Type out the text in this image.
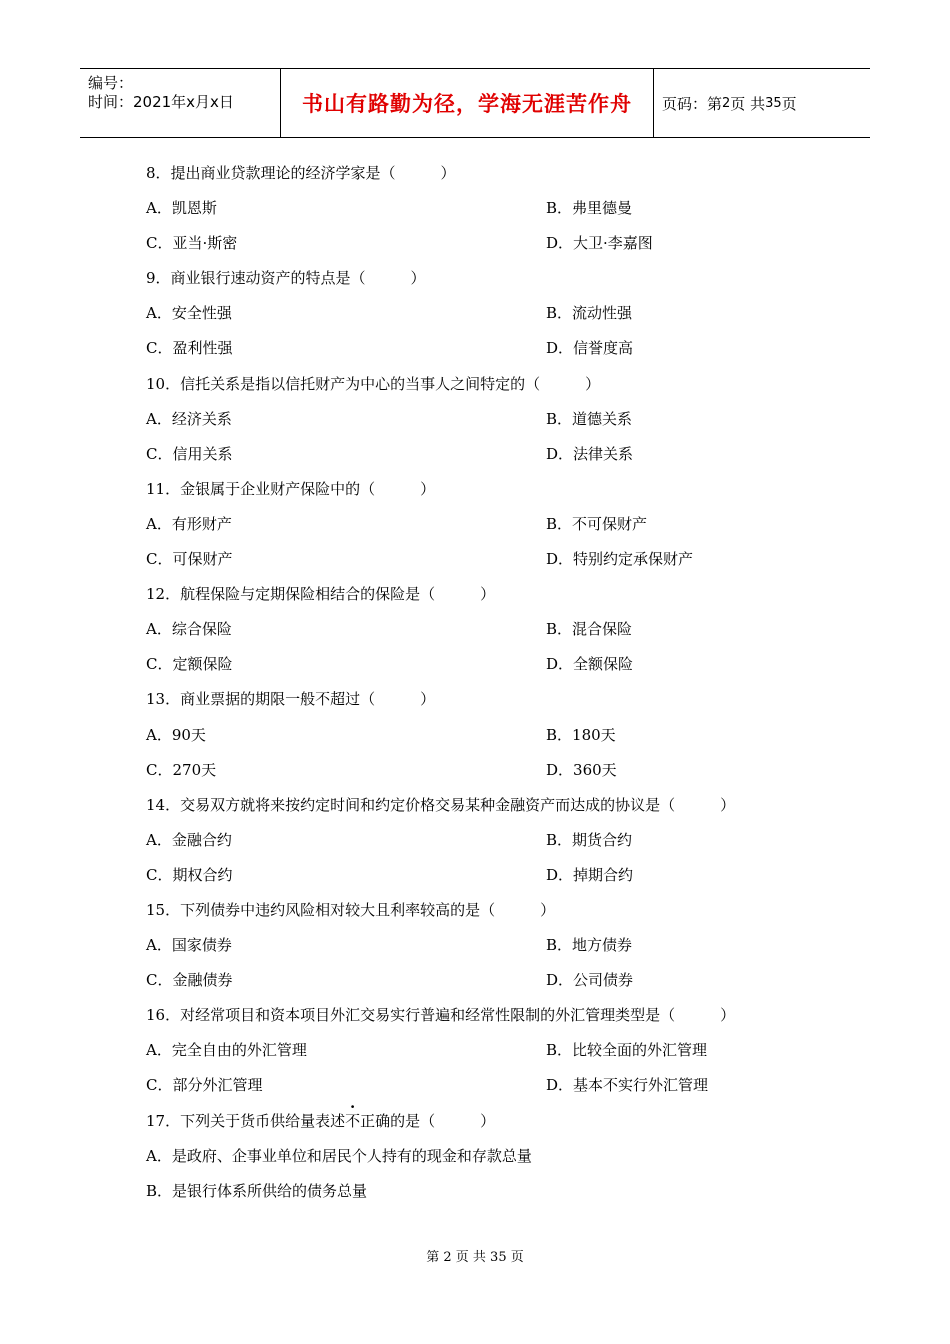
编号：
时间：2021年x月x日	书山有路勤为径，学海无涯苦作舟	页码：第 2 页 共 35 页
8．提出商业贷款理论的经济学家是（　　　）
A．凯恩斯	B．弗里德曼
C．亚当·斯密	D．大卫·李嘉图
9．商业银行速动资产的特点是（　　　）
A．安全性强	B．流动性强
C．盈利性强	D．信誉度高
10．信托关系是指以信托财产为中心的当事人之间特定的（　　　）
A．经济关系	B．道德关系
C．信用关系	D．法律关系
11．金银属于企业财产保险中的（　　　）
A．有形财产	B．不可保财产
C．可保财产	D．特别约定承保财产
12．航程保险与定期保险相结合的保险是（　　　）
A．综合保险	B．混合保险
C．定额保险	D．全额保险
13．商业票据的期限一般不超过（　　　）
A．90天	B．180天
C．270天	D．360天
14．交易双方就将来按约定时间和约定价格交易某种金融资产而达成的协议是（　　　）
A．金融合约	B．期货合约
C．期权合约	D．掉期合约
15．下列债券中违约风险相对较大且利率较高的是（　　　）
A．国家债券	B．地方债券
C．金融债券	D．公司债券
16．对经常项目和资本项目外汇交易实行普遍和经常性限制的外汇管理类型是（　　　）
A．完全自由的外汇管理	B．比较全面的外汇管理
C．部分外汇管理	D．基本不实行外汇管理
17．下列关于货币供给量表述不正确的是（　　　）
A．是政府、企事业单位和居民个人持有的现金和存款总量
B．是银行体系所供给的债务总量
第 2 页 共 35 页
